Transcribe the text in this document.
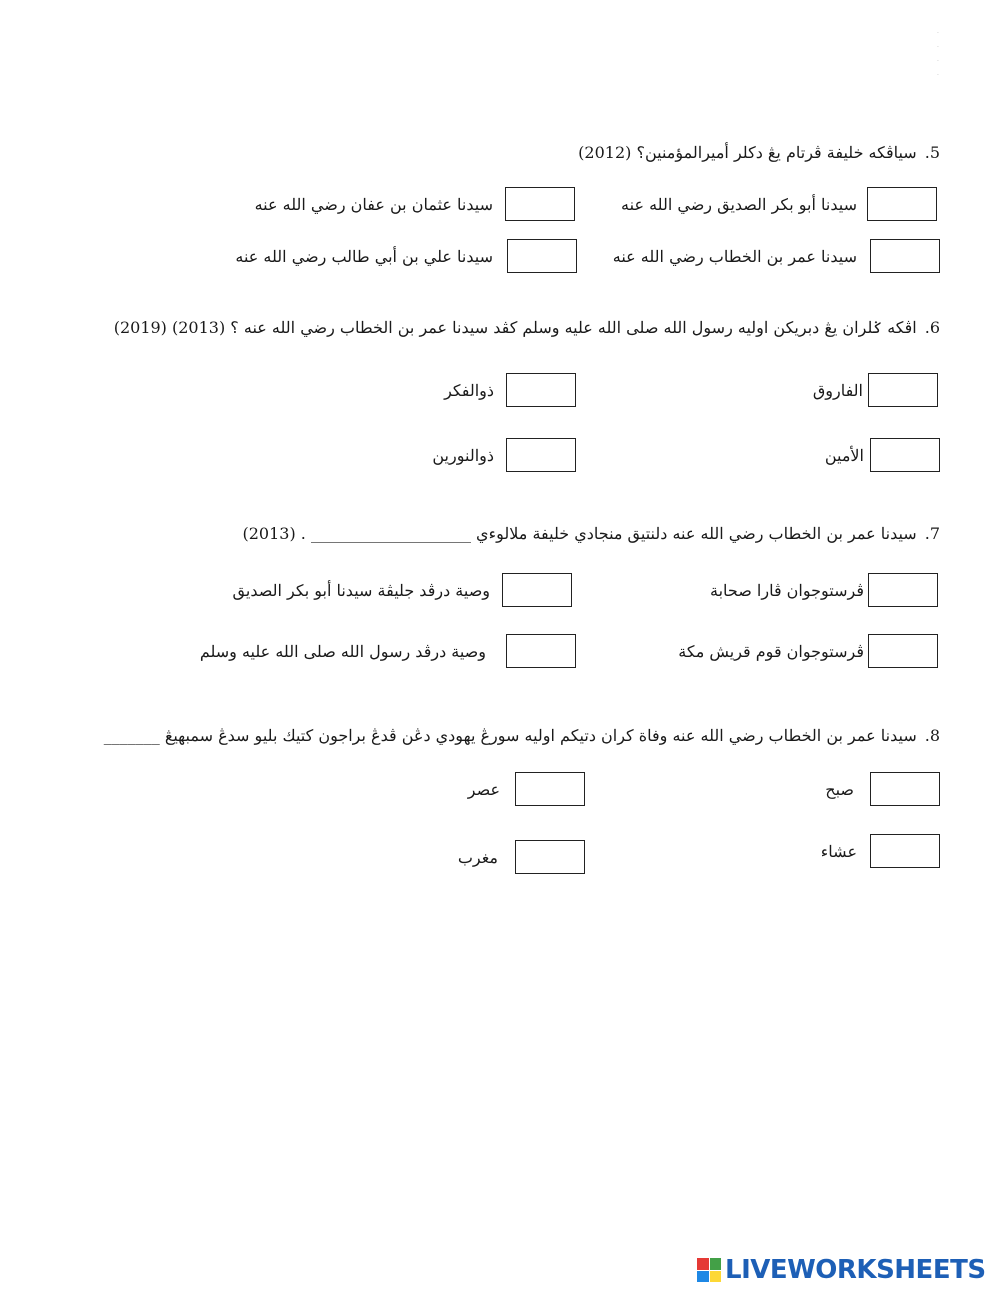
·

·

·

·
5.سياڤكه خليفة ڤرتام يڠ دكلر أميرالمؤمنين؟ (2012)
سيدنا أبو بكر الصديق رضي الله عنه
سيدنا عثمان بن عفان رضي الله عنه
سيدنا عمر بن الخطاب رضي الله عنه
سيدنا علي بن أبي طالب رضي الله عنه
6.اڤكه ݢلران يڠ دبريكن اوليه رسول الله صلى الله عليه وسلم كڤد سيدنا عمر بن الخطاب رضي الله عنه ؟ (2013) (2019)
الفاروق
ذوالفكر
الأمين
ذوالنورين
7.سيدنا عمر بن الخطاب رضي الله عنه دلنتيق منجادي خليفة ملالوءي ____________________ . (2013)
ڤرستوجوان ڤارا صحابة
وصية درڤد جليڤة سيدنا أبو بكر الصديق
ڤرستوجوان قوم قريش مكة
وصية درڤد رسول الله صلى الله عليه وسلم
8.سيدنا عمر بن الخطاب رضي الله عنه وفاة كران دتيكم اوليه سورڠ يهودي دڠن ڤدڠ براجون كتيك بليو سدڠ سمبهيڠ _______
صبح
عصر
عشاء
مغرب
LIVEWORKSHEETS
